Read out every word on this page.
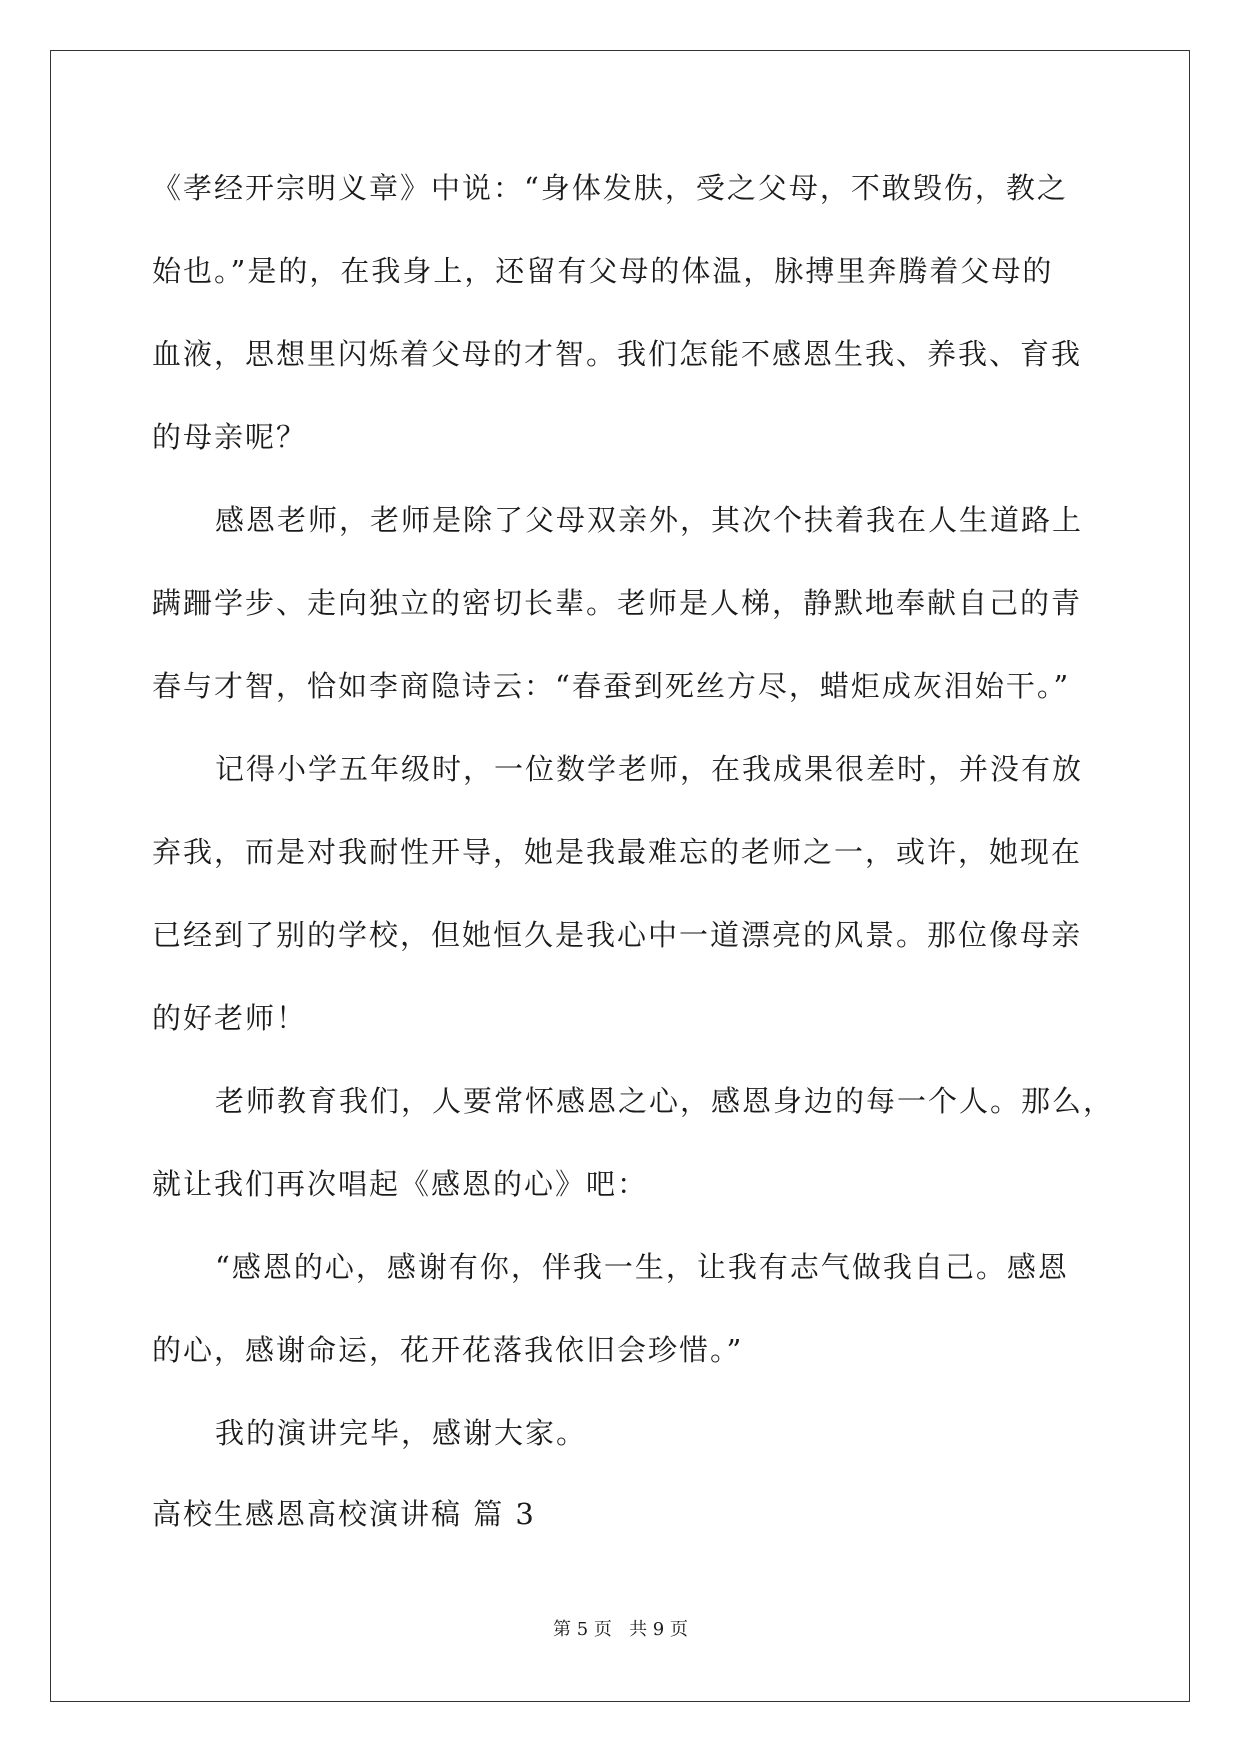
《孝经开宗明义章》中说：“身体发肤，受之父母，不敢毁伤，教之
始也。”是的，在我身上，还留有父母的体温，脉搏里奔腾着父母的
血液，思想里闪烁着父母的才智。我们怎能不感恩生我、养我、育我
的母亲呢？
感恩老师，老师是除了父母双亲外，其次个扶着我在人生道路上
蹒跚学步、走向独立的密切长辈。老师是人梯，静默地奉献自己的青
春与才智，恰如李商隐诗云：“春蚕到死丝方尽，蜡炬成灰泪始干。”
记得小学五年级时，一位数学老师，在我成果很差时，并没有放
弃我，而是对我耐性开导，她是我最难忘的老师之一，或许，她现在
已经到了别的学校，但她恒久是我心中一道漂亮的风景。那位像母亲
的好老师！
老师教育我们，人要常怀感恩之心，感恩身边的每一个人。那么，
就让我们再次唱起《感恩的心》吧：
“感恩的心，感谢有你，伴我一生，让我有志气做我自己。感恩
的心，感谢命运，花开花落我依旧会珍惜。”
我的演讲完毕，感谢大家。
高校生感恩高校演讲稿 篇 3
第 5 页   共 9 页
